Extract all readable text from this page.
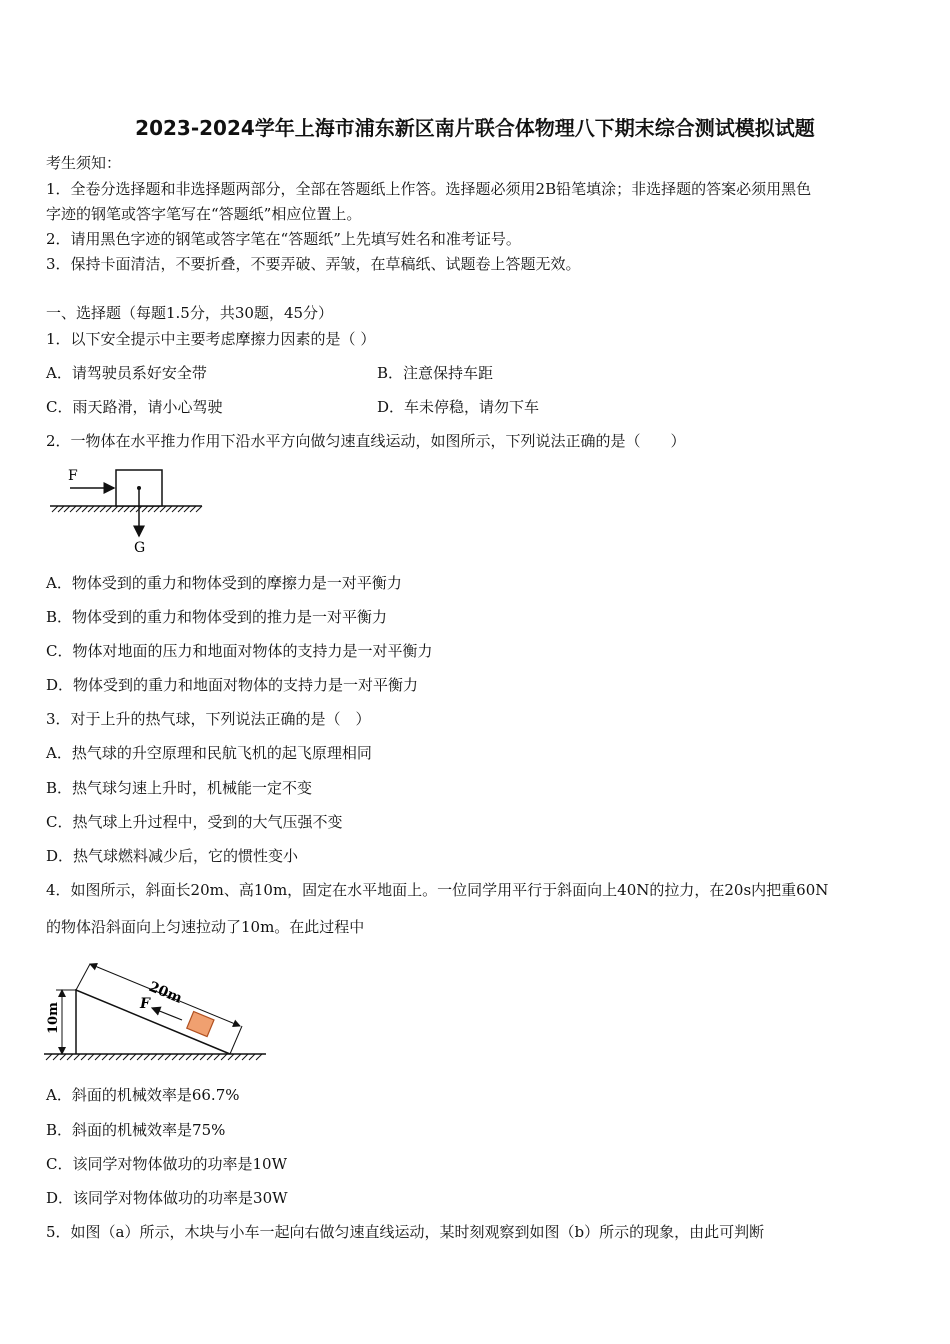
2023-2024学年上海市浦东新区南片联合体物理八下期末综合测试模拟试题
考生须知：
1．全卷分选择题和非选择题两部分，全部在答题纸上作答。选择题必须用2B铅笔填涂；非选择题的答案必须用黑色
字迹的钢笔或答字笔写在“答题纸”相应位置上。
2．请用黑色字迹的钢笔或答字笔在“答题纸”上先填写姓名和准考证号。
3．保持卡面清洁，不要折叠，不要弄破、弄皱，在草稿纸、试题卷上答题无效。
一、选择题（每题1.5分，共30题，45分）
1．以下安全提示中主要考虑摩擦力因素的是（ ）
A．请驾驶员系好安全带	B．注意保持车距
C．雨天路滑，请小心驾驶	D．车未停稳，请勿下车
2．一物体在水平推力作用下沿水平方向做匀速直线运动，如图所示，下列说法正确的是（　　）
F
G
A．物体受到的重力和物体受到的摩擦力是一对平衡力
B．物体受到的重力和物体受到的推力是一对平衡力
C．物体对地面的压力和地面对物体的支持力是一对平衡力
D．物体受到的重力和地面对物体的支持力是一对平衡力
3．对于上升的热气球，下列说法正确的是（　）
A．热气球的升空原理和民航飞机的起飞原理相同
B．热气球匀速上升时，机械能一定不变
C．热气球上升过程中，受到的大气压强不变
D．热气球燃料减少后，它的惯性变小
4．如图所示，斜面长20m、高10m，固定在水平地面上。一位同学用平行于斜面向上40N的拉力，在20s内把重60N
的物体沿斜面向上匀速拉动了10m。在此过程中
10m
20m
F
A．斜面的机械效率是66.7%
B．斜面的机械效率是75%
C．该同学对物体做功的功率是10W
D．该同学对物体做功的功率是30W
5．如图（a）所示，木块与小车一起向右做匀速直线运动，某时刻观察到如图（b）所示的现象，由此可判断
